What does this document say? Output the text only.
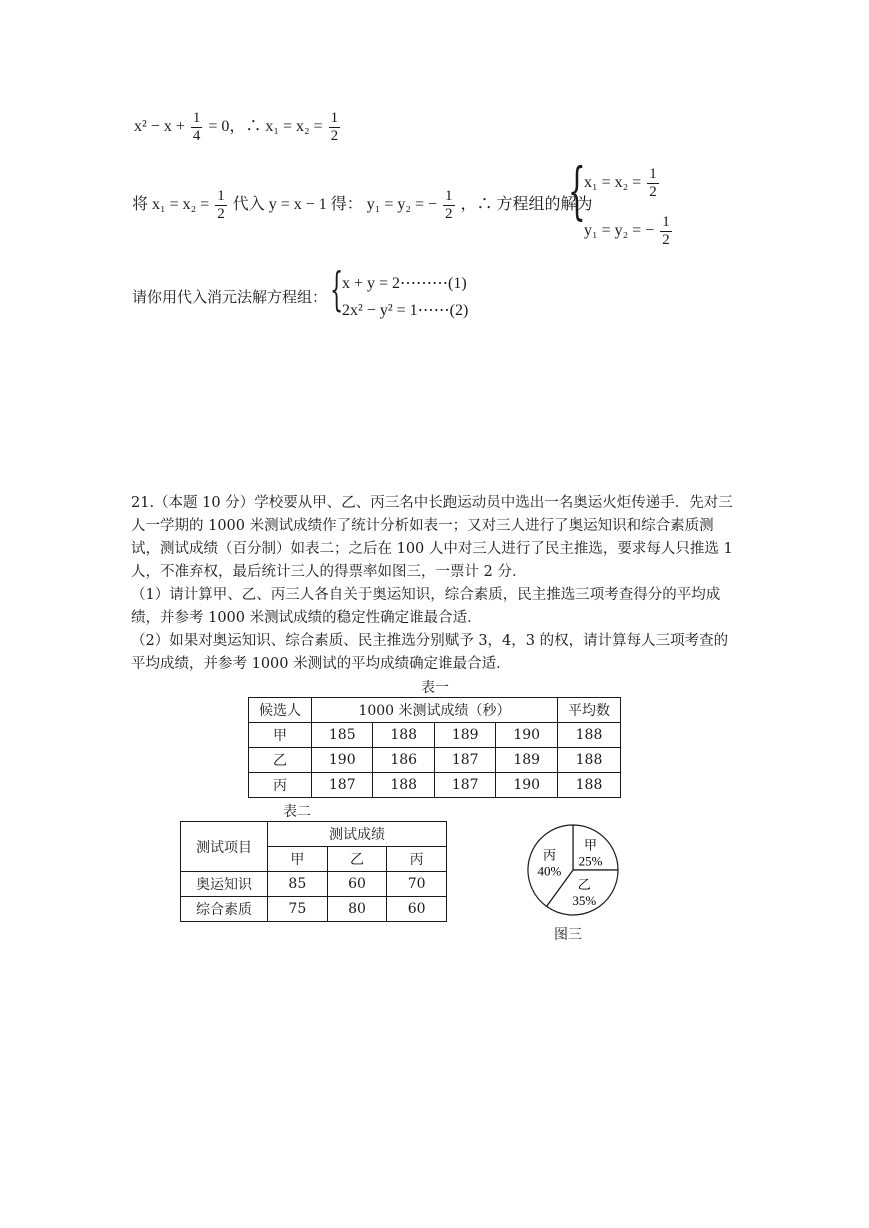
$x^2 - x + \frac{1}{4} = 0$，∴ $x_1 = x_2 = \frac{1}{2}$
将 $x_1 = x_2 = \frac{1}{2}$ 代入 y = x − 1 得： y₁ = y₂ = − $\frac{1}{2}$ ，∴ 方程组的解为
{
$x_1 = x_2 = \frac{1}{2}$
y₁ = y₂ = − $\frac{1}{2}$
请你用代入消元法解方程组： {
x + y = 2⋯⋯⋯(1)
2x² − y² = 1⋯⋯(2)
21.（本题 10 分）学校要从甲、乙、丙三名中长跑运动员中选出一名奥运火炬传递手．先对三人一学期的 1000 米测试成绩作了统计分析如表一；又对三人进行了奥运知识和综合素质测试，测试成绩（百分制）如表二；之后在 100 人中对三人进行了民主推选，要求每人只推选 1 人，不准弃权，最后统计三人的得票率如图三，一票计 2 分．
（1）请计算甲、乙、丙三人各自关于奥运知识，综合素质，民主推选三项考查得分的平均成绩，并参考 1000 米测试成绩的稳定性确定谁最合适．
（2）如果对奥运知识、综合素质、民主推选分别赋予 3，4，3 的权，请计算每人三项考查的平均成绩，并参考 1000 米测试的平均成绩确定谁最合适．
表一
候选人	1000 米测试成绩（秒）				平均数
甲	185	188	189	190	188
乙	190	186	187	189	188
丙	187	188	187	190	188
表二
测试项目	测试成绩		
	甲	乙	丙
奥运知识	85	60	70
综合素质	75	80	60
甲
25%
乙
35%
丙
40%
图三
